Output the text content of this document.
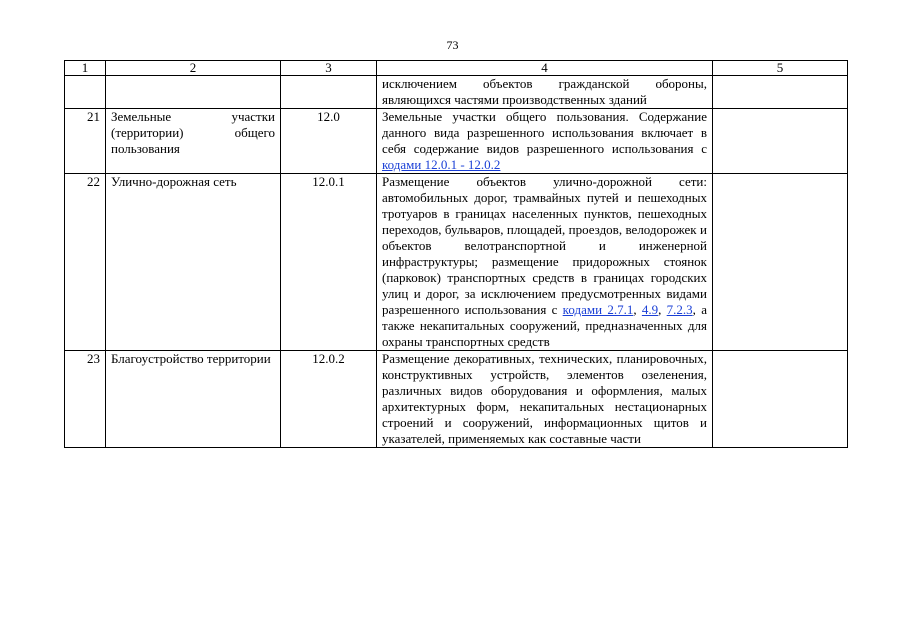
73
1	2	3	4	5
			исключением объектов гражданской обороны, являющихся частями производственных зданий	
21	Земельные участки (территории) общего пользования	12.0	Земельные участки общего пользования. Содержание данного вида разрешенного использования включает в себя содержание видов разрешенного использования с кодами 12.0.1 - 12.0.2	
22	Улично-дорожная сеть	12.0.1	Размещение объектов улично-дорожной сети: автомобильных дорог, трамвайных путей и пешеходных тротуаров в границах населенных пунктов, пешеходных переходов, бульваров, площадей, проездов, велодорожек и объектов велотранспортной и инженерной инфраструктуры; размещение придорожных стоянок (парковок) транспортных средств в границах городских улиц и дорог, за исключением предусмотренных видами разрешенного использования с кодами 2.7.1, 4.9, 7.2.3, а также некапитальных сооружений, предназначенных для охраны транспортных средств	
23	Благоустройство территории	12.0.2	Размещение декоративных, технических, планировочных, конструктивных устройств, элементов озеленения, различных видов оборудования и оформления, малых архитектурных форм, некапитальных нестационарных строений и сооружений, информационных щитов и указателей, применяемых как составные части	
